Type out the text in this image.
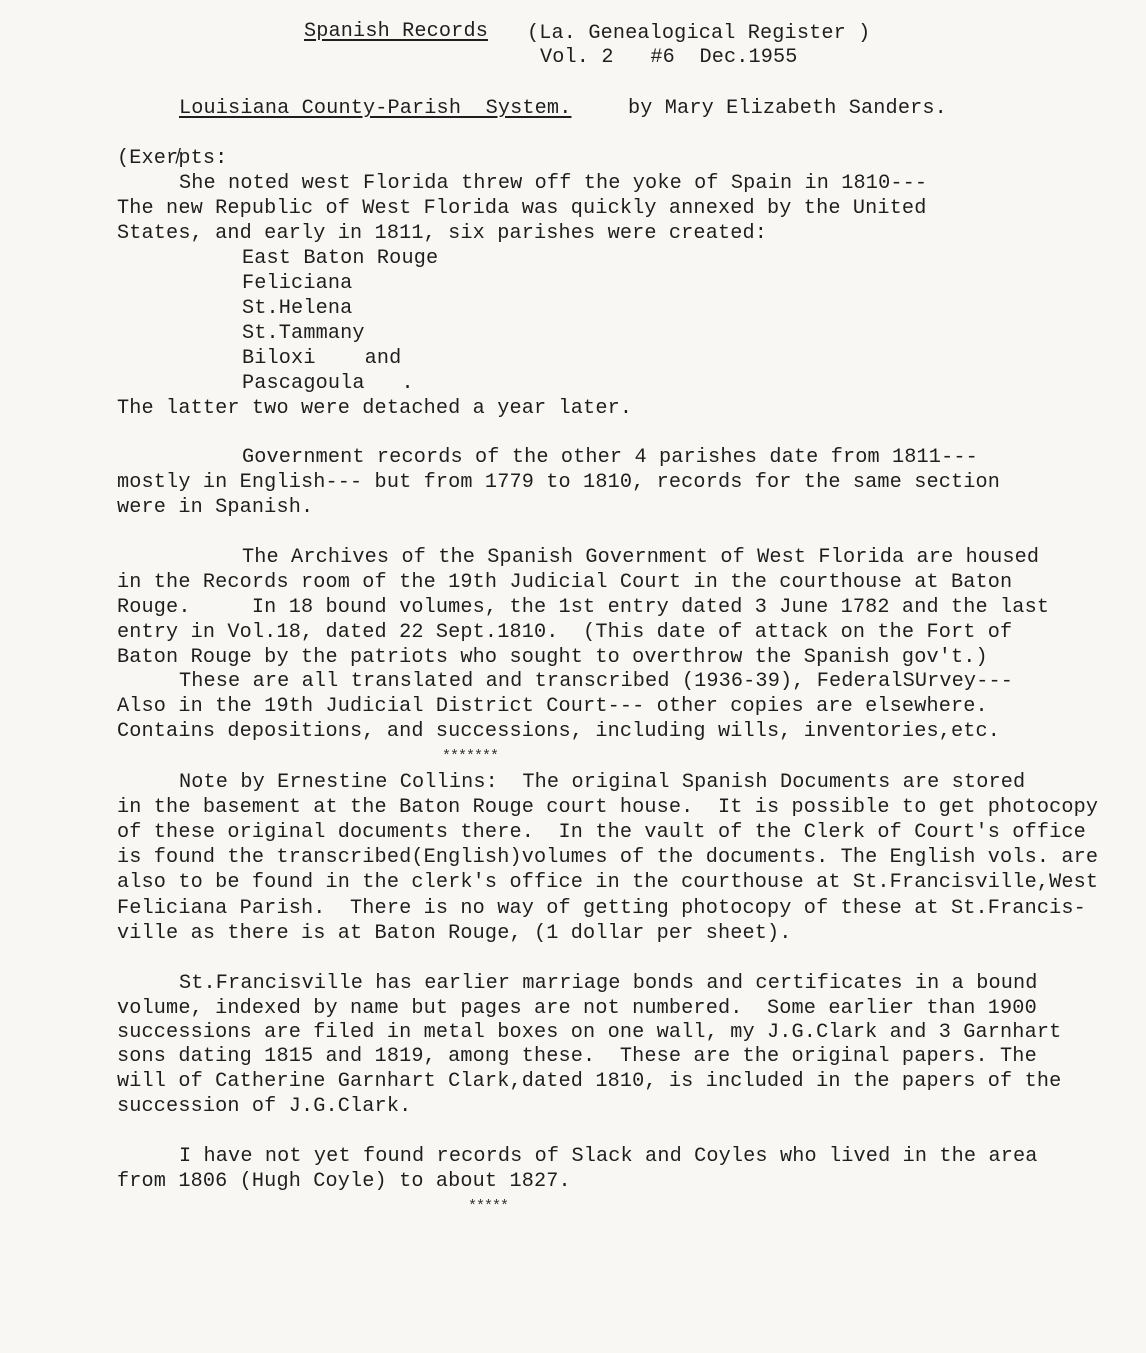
Spanish Records (La. Genealogical Register )
Vol. 2   #6  Dec.1955
Louisiana County-Parish  System.	by Mary Elizabeth Sanders.
(Exer̸pts:
She noted west Florida threw off the yoke of Spain in 1810---
The new Republic of West Florida was quickly annexed by the United
States, and early in 1811, six parishes were created:
East Baton Rouge
Feliciana
St.Helena
St.Tammany
Biloxi    and
Pascagoula   .
The latter two were detached a year later.
Government records of the other 4 parishes date from 1811---
mostly in English--- but from 1779 to 1810, records for the same section
were in Spanish.
The Archives of the Spanish Government of West Florida are housed
in the Records room of the 19th Judicial Court in the courthouse at Baton
Rouge.     In 18 bound volumes, the 1st entry dated 3 June 1782 and the last
entry in Vol.18, dated 22 Sept.1810.  (This date of attack on the Fort of
Baton Rouge by the patriots who sought to overthrow the Spanish gov't.)
These are all translated and transcribed (1936-39), FederalSUrvey---
Also in the 19th Judicial District Court--- other copies are elsewhere.
Contains depositions, and successions, including wills, inventories,etc.
*******
Note by Ernestine Collins:  The original Spanish Documents are stored
in the basement at the Baton Rouge court house.  It is possible to get photocopy
of these original documents there.  In the vault of the Clerk of Court's office
is found the transcribed(English)volumes of the documents. The English vols. are
also to be found in the clerk's office in the courthouse at St.Francisville,West
Feliciana Parish.  There is no way of getting photocopy of these at St.Francis-
ville as there is at Baton Rouge, (1 dollar per sheet).
St.Francisville has earlier marriage bonds and certificates in a bound
volume, indexed by name but pages are not numbered.  Some earlier than 1900
successions are filed in metal boxes on one wall, my J.G.Clark and 3 Garnhart
sons dating 1815 and 1819, among these.  These are the original papers. The
will of Catherine Garnhart Clark,dated 1810, is included in the papers of the
succession of J.G.Clark.
I have not yet found records of Slack and Coyles who lived in the area
from 1806 (Hugh Coyle) to about 1827.
*****
